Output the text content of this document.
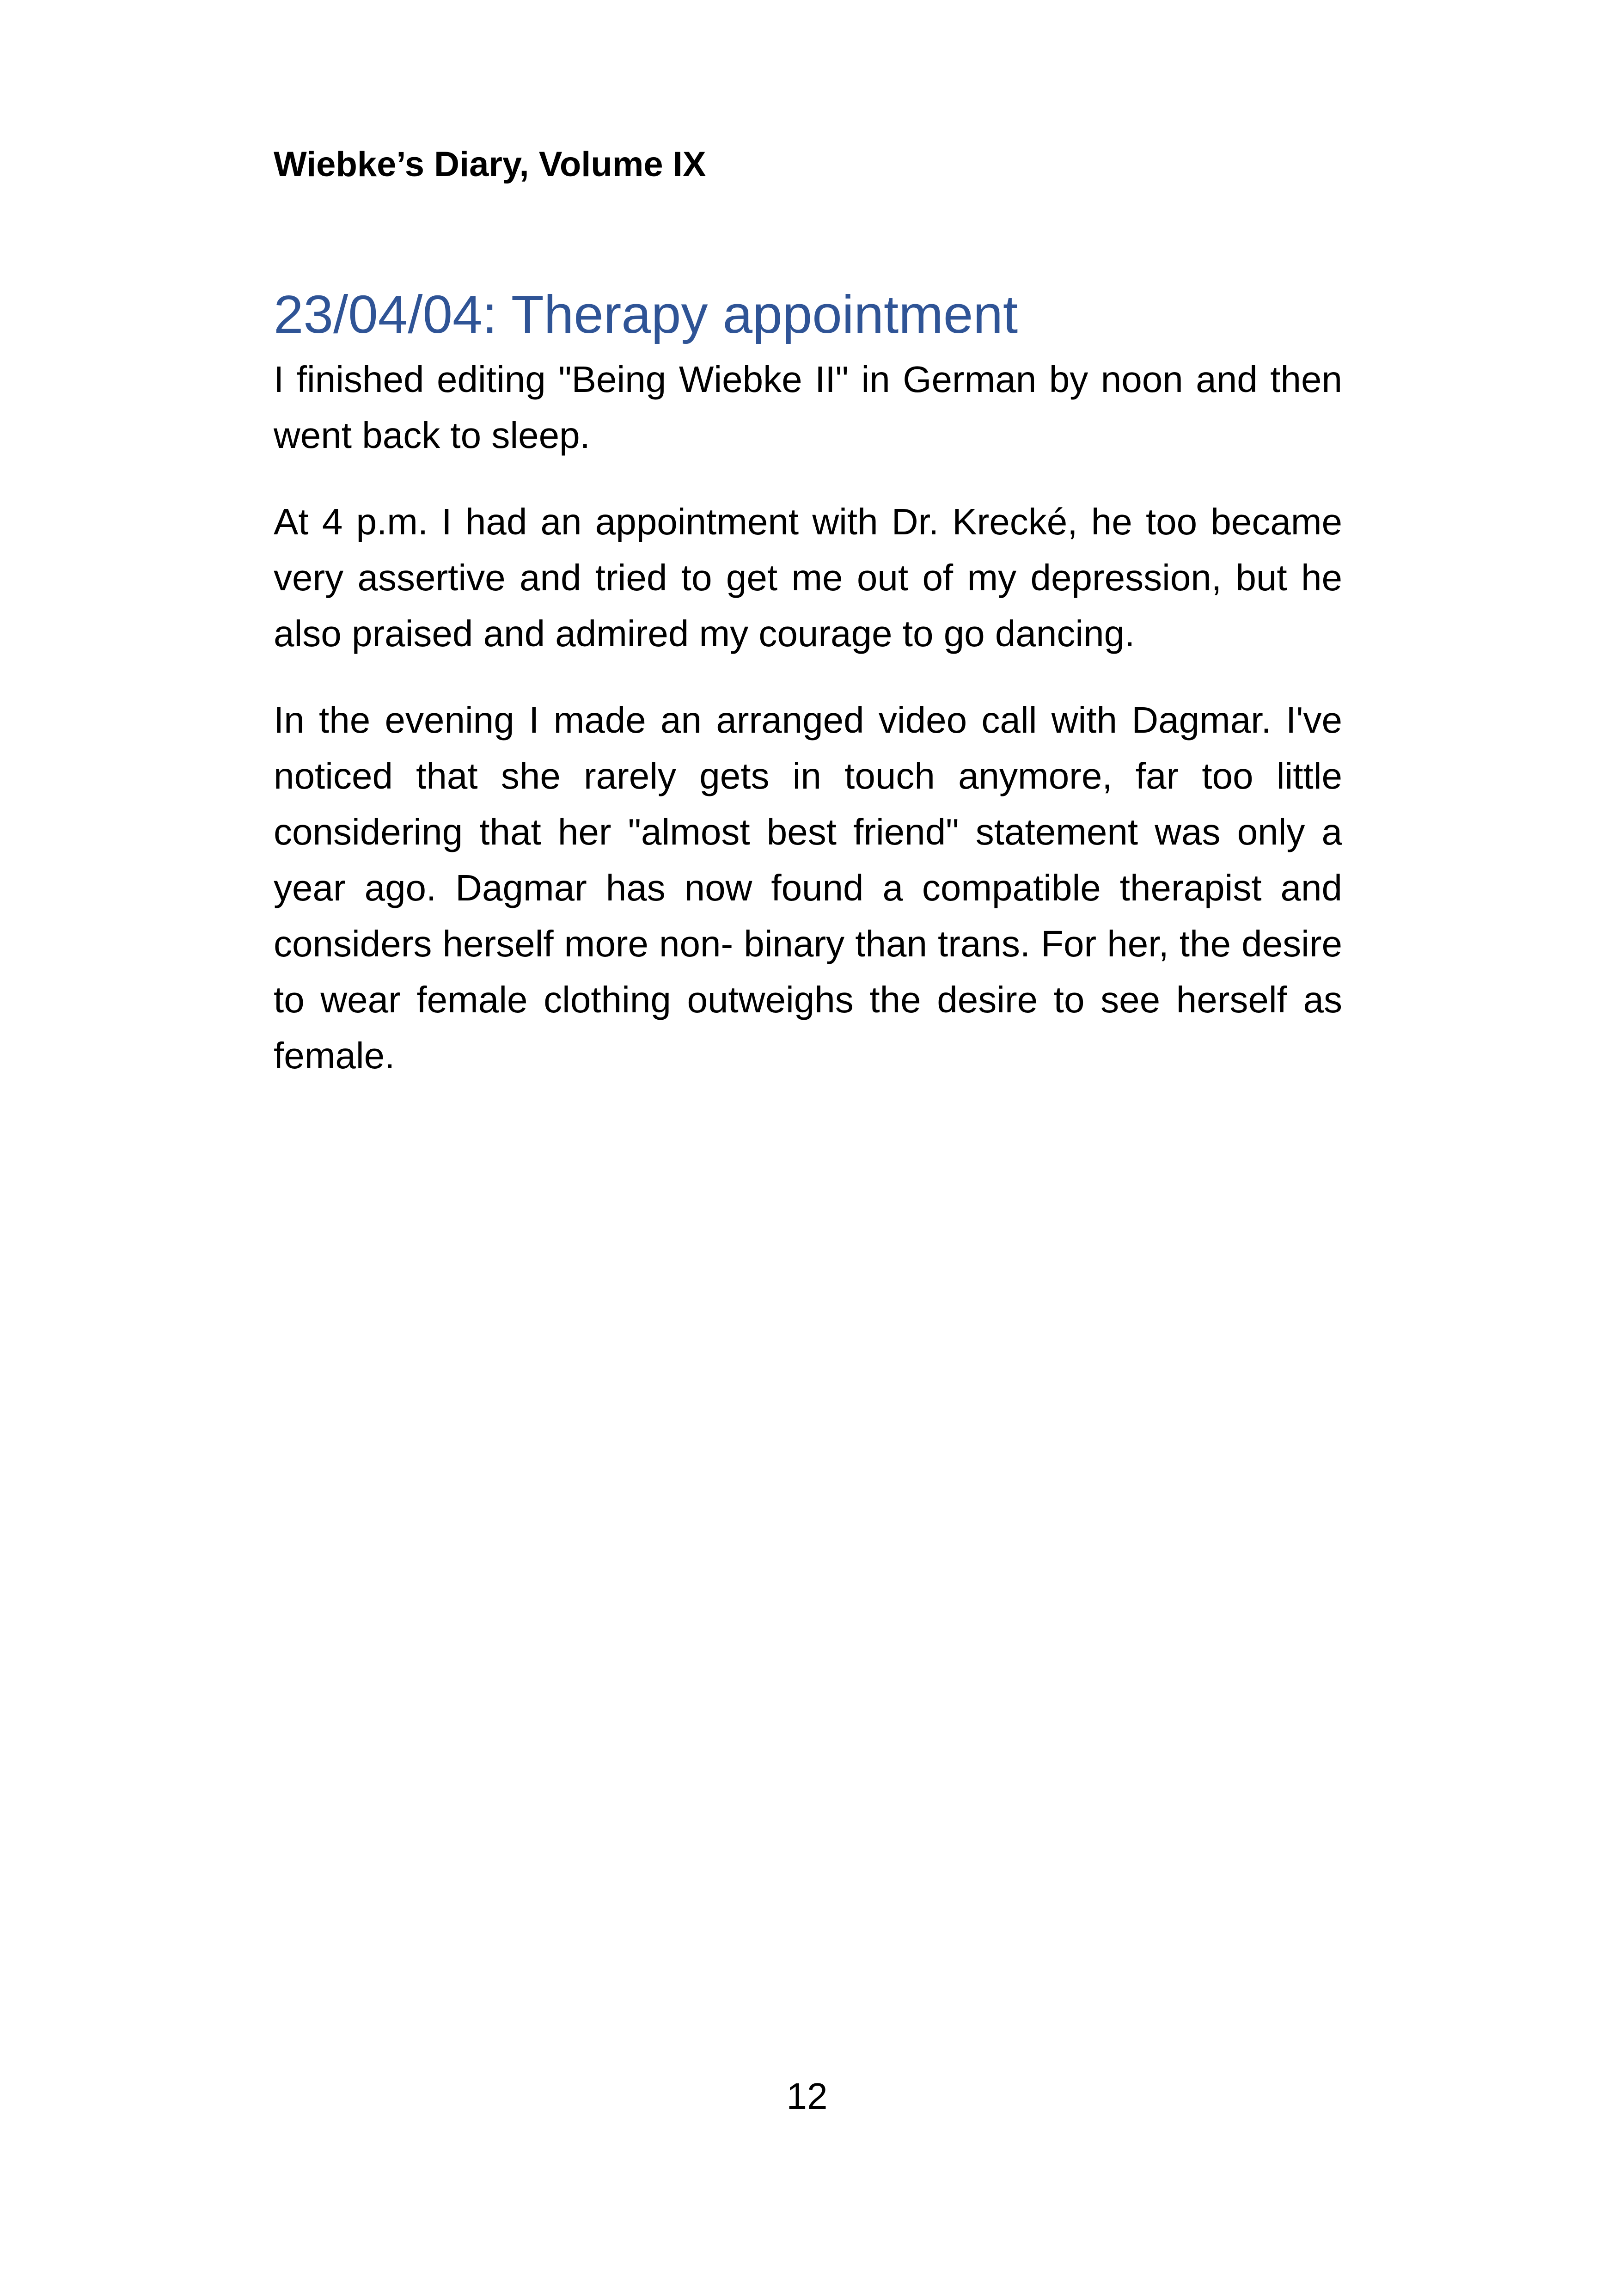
Wiebke’s Diary, Volume IX
23/04/04: Therapy appointment

I finished editing "Being Wiebke II" in German by noon and then went back to sleep.

At 4 p.m. I had an appointment with Dr. Krecké, he too became very assertive and tried to get me out of my depression, but he also praised and admired my courage to go dancing.

In the evening I made an arranged video call with Dagmar. I've noticed that she rarely gets in touch anymore, far too little considering that her "almost best friend" statement was only a year ago. Dagmar has now found a compatible therapist and considers herself more non- binary than trans. For her, the desire to wear female clothing outweighs the desire to see herself as female.

12
